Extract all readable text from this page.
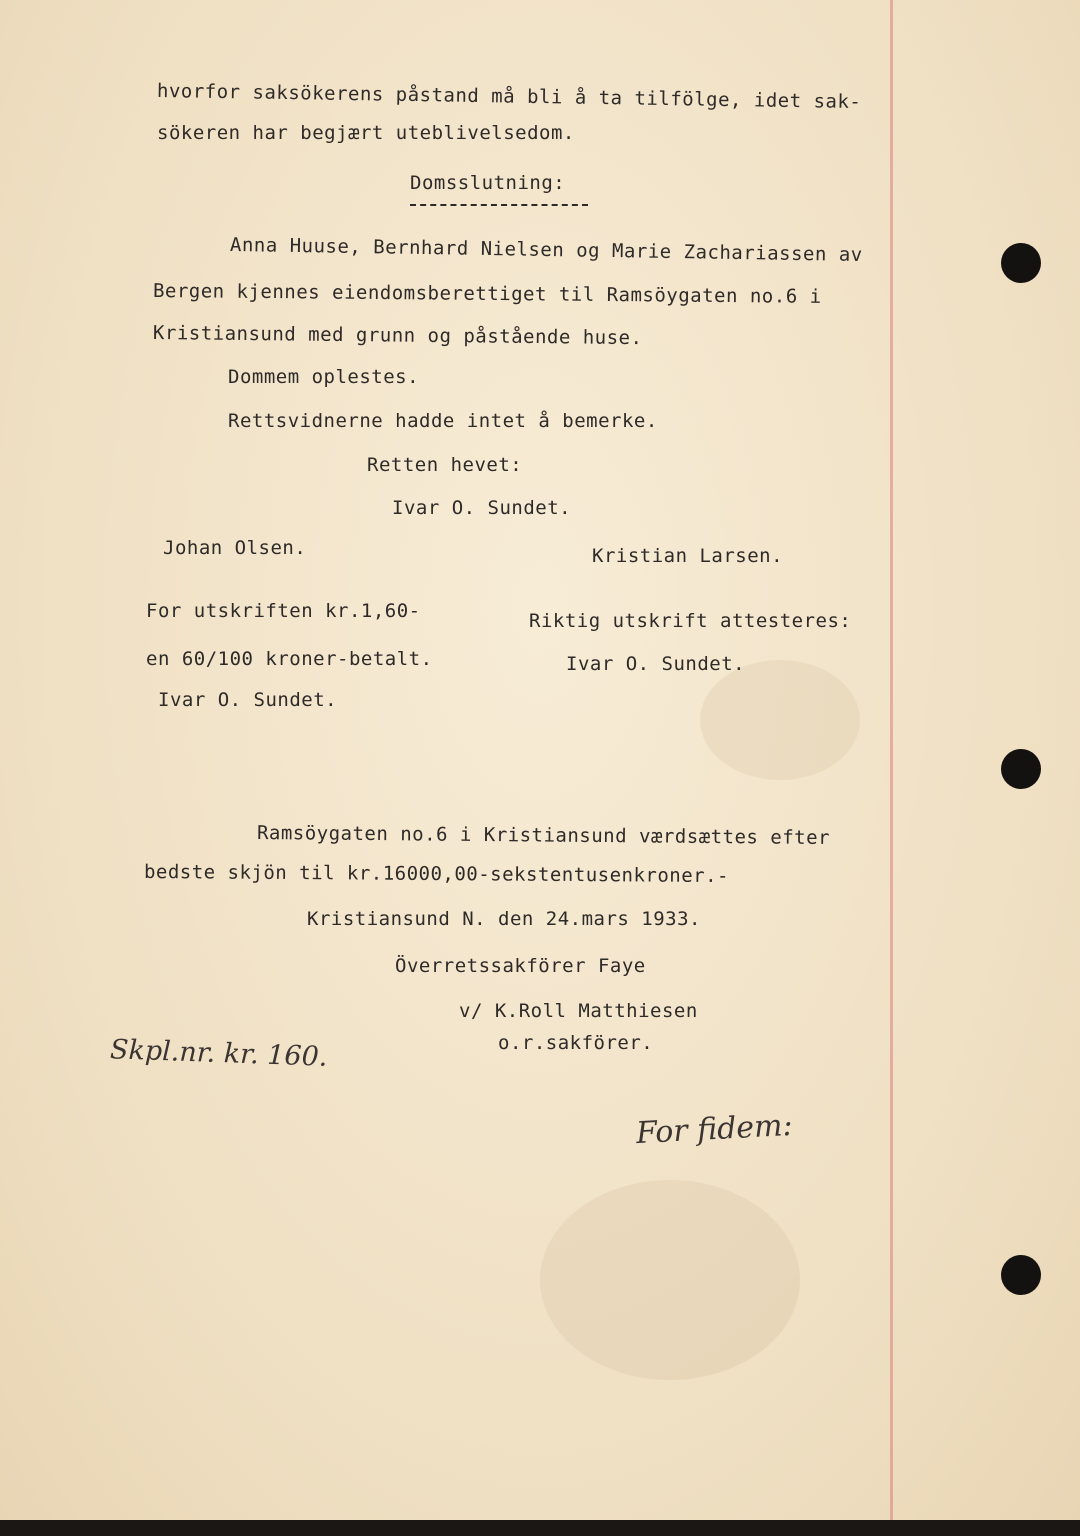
hvorfor saksökerens påstand må bli å ta tilfölge, idet sak-
sökeren har begjært uteblivelsedom.
Domsslutning:
Anna Huuse, Bernhard Nielsen og Marie Zachariassen av
Bergen kjennes eiendomsberettiget til Ramsöygaten no.6 i
Kristiansund med grunn og påstående huse.
Dommem oplestes.
Rettsvidnerne hadde intet å bemerke.
Retten hevet:
Ivar O. Sundet.
Johan Olsen.	Kristian Larsen.
For utskriften kr.1,60-
en 60/100 kroner-betalt.
Ivar O. Sundet.
Riktig utskrift attesteres:
Ivar O. Sundet.
Ramsöygaten no.6 i Kristiansund værdsættes efter
bedste skjön til kr.16000,00-sekstentusenkroner.-
Kristiansund N. den 24.mars 1933.
Överretssakförer Faye
v/ K.Roll Matthiesen
o.r.sakförer.
Skpl.nr. kr. 160.
For fidem:
